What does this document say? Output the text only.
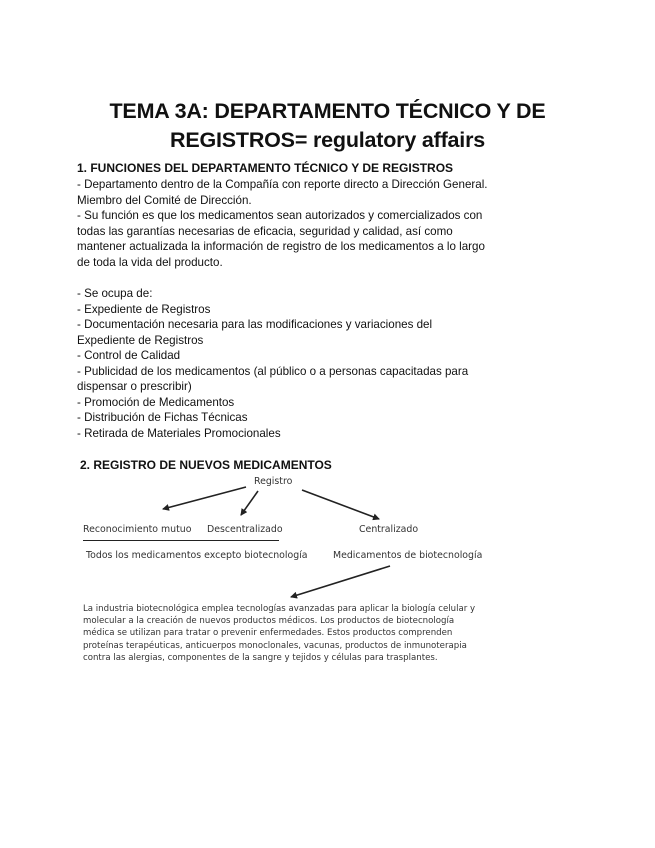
TEMA 3A: DEPARTAMENTO TÉCNICO Y DE
REGISTROS= regulatory affairs
1. FUNCIONES DEL DEPARTAMENTO TÉCNICO Y DE REGISTROS
- Departamento dentro de la Compañía con reporte directo a Dirección General.
Miembro del Comité de Dirección.
- Su función es que los medicamentos sean autorizados y comercializados con
todas las garantías necesarias de eficacia, seguridad y calidad, así como
mantener actualizada la información de registro de los medicamentos a lo largo
de toda la vida del producto.
- Se ocupa de:
- Expediente de Registros
- Documentación necesaria para las modificaciones y variaciones del
Expediente de Registros
- Control de Calidad
- Publicidad de los medicamentos (al público o a personas capacitadas para
dispensar o prescribir)
- Promoción de Medicamentos
- Distribución de Fichas Técnicas
- Retirada de Materiales Promocionales
2. REGISTRO DE NUEVOS MEDICAMENTOS
Registro
Reconocimiento mutuo Descentralizado	Centralizado
Todos los medicamentos excepto biotecnología	Medicamentos de biotecnología
La industria biotecnológica emplea tecnologías avanzadas para aplicar la biología celular y
molecular a la creación de nuevos productos médicos. Los productos de biotecnología
médica se utilizan para tratar o prevenir enfermedades. Estos productos comprenden
proteínas terapéuticas, anticuerpos monoclonales, vacunas, productos de inmunoterapia
contra las alergias, componentes de la sangre y tejidos y células para trasplantes.
